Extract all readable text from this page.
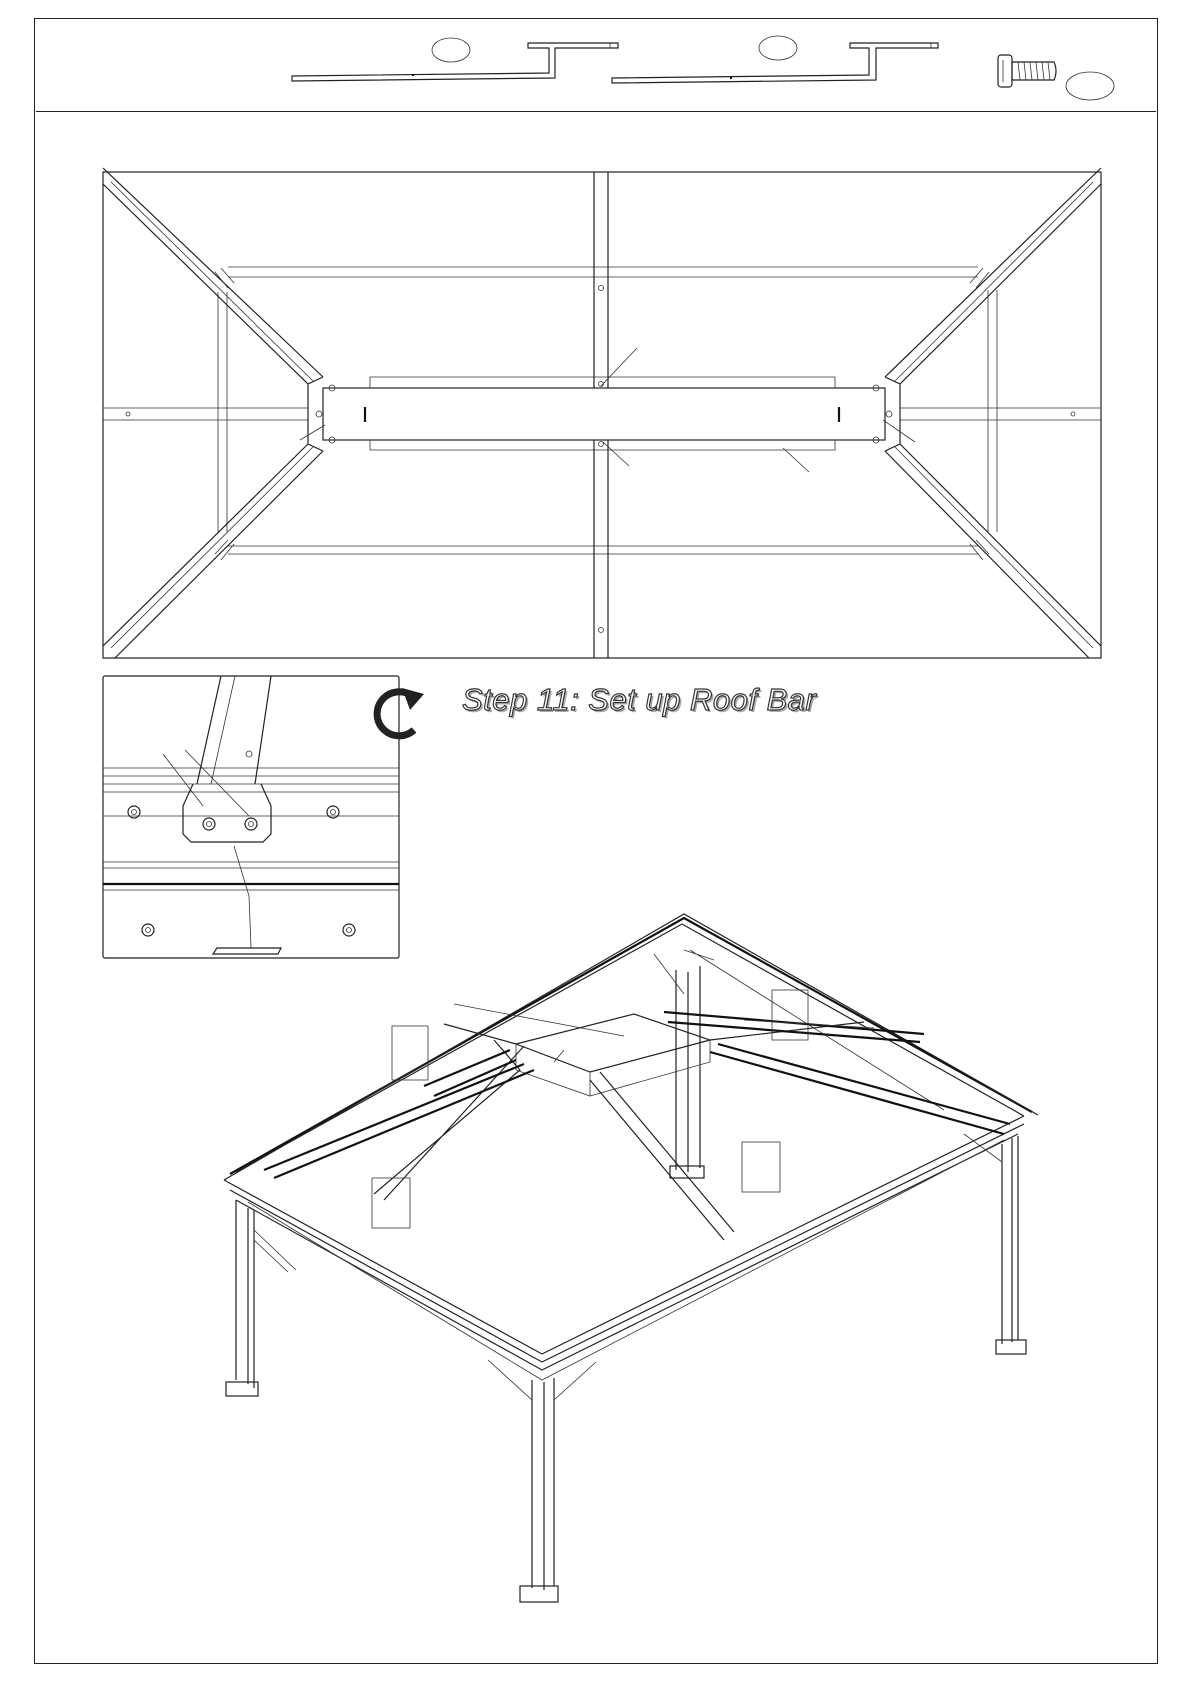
Step 11: Set up Roof Bar
